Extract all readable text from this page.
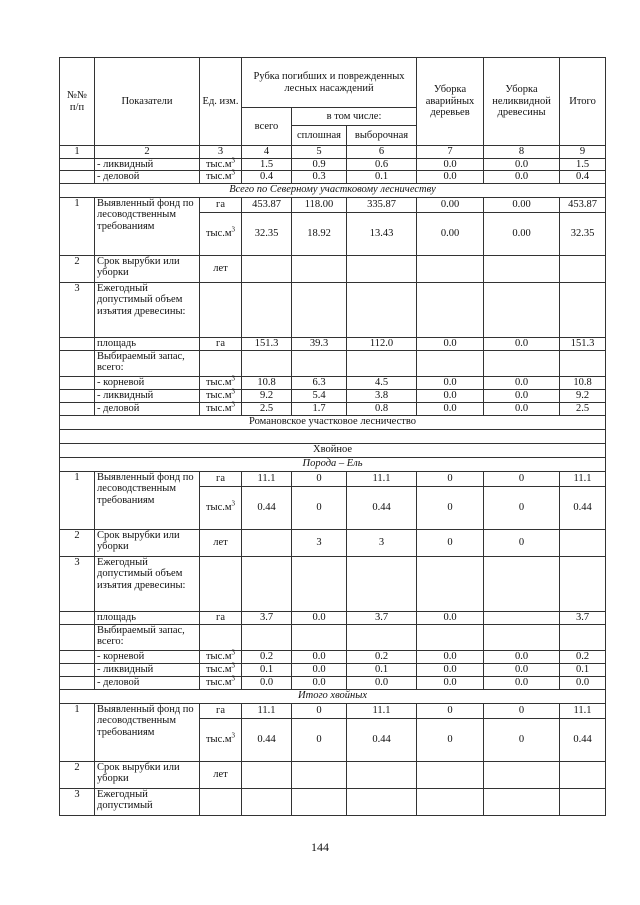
№№ п/п	Показатели	Ед. изм.	Рубка погибших и поврежденных лесных насаждений			Уборка аварийных деревьев	Уборка неликвидной древесины	Итого
			всего	в том числе:				
				сплошная	выборочная			
1	2	3	4	5	6	7	8	9
	- ликвидный	$тыс.м^3$	1.5	0.9	0.6	0.0	0.0	1.5
	- деловой	$тыс.м^3$	0.4	0.3	0.1	0.0	0.0	0.4
Всего по Северному участковому лесничеству								
1	Выявленный фонд по лесоводственным требованиям	га	453.87	118.00	335.87	0.00	0.00	453.87
		$тыс.м^3$	32.35	18.92	13.43	0.00	0.00	32.35
2	Срок вырубки или уборки	лет						
3	Ежегодный допустимый объем изъятия древесины:							
	площадь	га	151.3	39.3	112.0	0.0	0.0	151.3
	Выбираемый запас, всего:							
	- корневой	$тыс.м^3$	10.8	6.3	4.5	0.0	0.0	10.8
	- ликвидный	$тыс.м^3$	9.2	5.4	3.8	0.0	0.0	9.2
	- деловой	$тыс.м^3$	2.5	1.7	0.8	0.0	0.0	2.5
Романовское участковое лесничество								

Хвойное								
Порода – Ель								
1	Выявленный фонд по лесоводственным требованиям	га	11.1	0	11.1	0	0	11.1
		$тыс.м^3$	0.44	0	0.44	0	0	0.44
2	Срок вырубки или уборки	лет		3	3	0	0	
3	Ежегодный допустимый объем изъятия древесины:							
	площадь	га	3.7	0.0	3.7	0.0		3.7
	Выбираемый запас, всего:							
	- корневой	$тыс.м^3$	0.2	0.0	0.2	0.0	0.0	0.2
	- ликвидный	$тыс.м^3$	0.1	0.0	0.1	0.0	0.0	0.1
	- деловой	$тыс.м^3$	0.0	0.0	0.0	0.0	0.0	0.0
Итого хвойных								
1	Выявленный фонд по лесоводственным требованиям	га	11.1	0	11.1	0	0	11.1
		$тыс.м^3$	0.44	0	0.44	0	0	0.44
2	Срок вырубки или уборки	лет						
3	Ежегодный допустимый							
144
